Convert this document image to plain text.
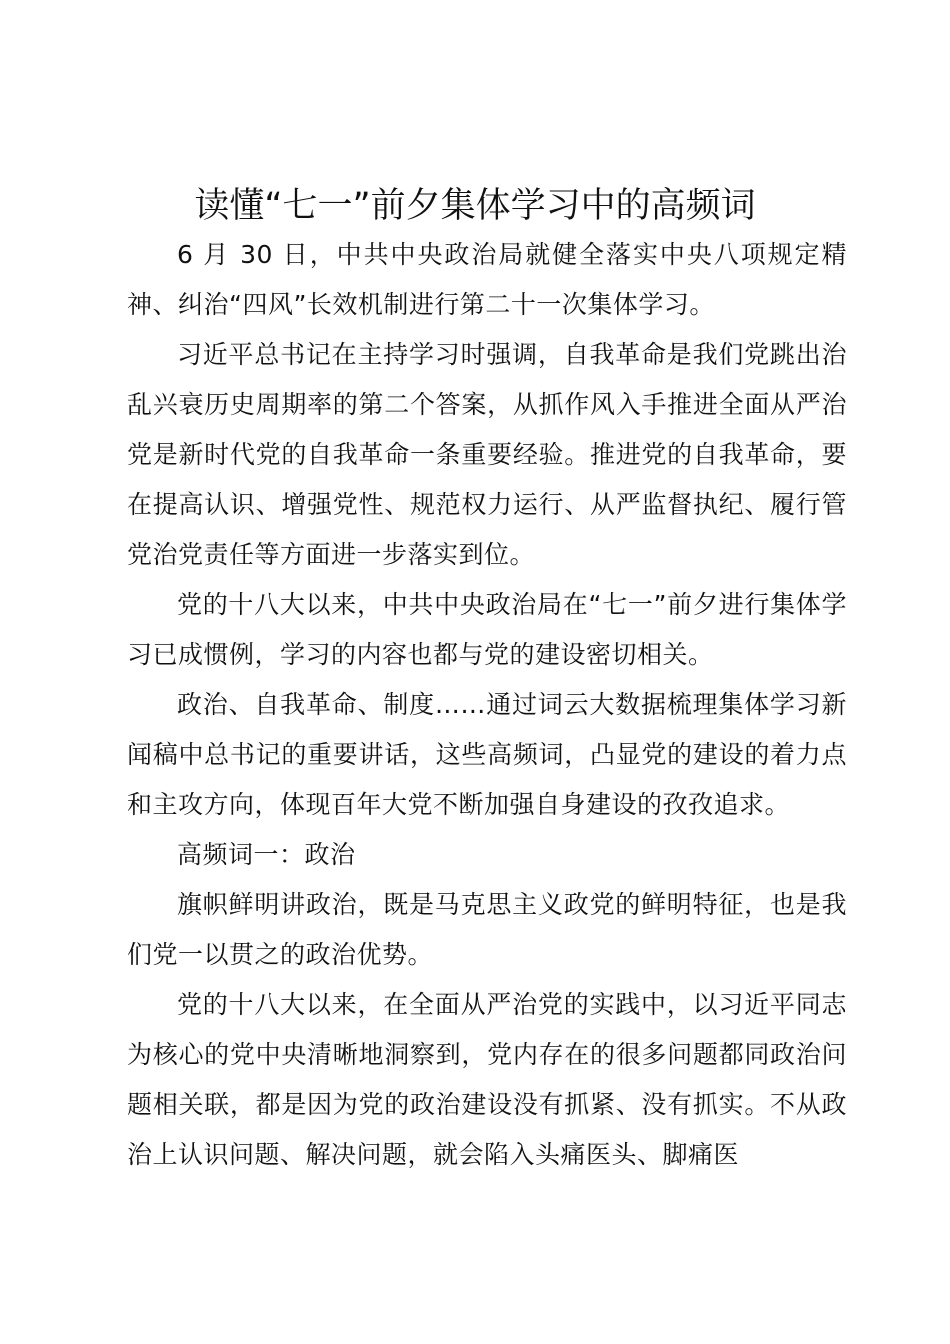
读懂“七一”前夕集体学习中的高频词

6 月 30 日，中共中央政治局就健全落实中央八项规定精神、纠治“四风”长效机制进行第二十一次集体学习。

习近平总书记在主持学习时强调，自我革命是我们党跳出治乱兴衰历史周期率的第二个答案，从抓作风入手推进全面从严治党是新时代党的自我革命一条重要经验。推进党的自我革命，要在提高认识、增强党性、规范权力运行、从严监督执纪、履行管党治党责任等方面进一步落实到位。

党的十八大以来，中共中央政治局在“七一”前夕进行集体学习已成惯例，学习的内容也都与党的建设密切相关。

政治、自我革命、制度……通过词云大数据梳理集体学习新闻稿中总书记的重要讲话，这些高频词，凸显党的建设的着力点和主攻方向，体现百年大党不断加强自身建设的孜孜追求。

高频词一：政治

旗帜鲜明讲政治，既是马克思主义政党的鲜明特征，也是我们党一以贯之的政治优势。

党的十八大以来，在全面从严治党的实践中，以习近平同志为核心的党中央清晰地洞察到，党内存在的很多问题都同政治问题相关联，都是因为党的政治建设没有抓紧、没有抓实。不从政治上认识问题、解决问题，就会陷入头痛医头、脚痛医
